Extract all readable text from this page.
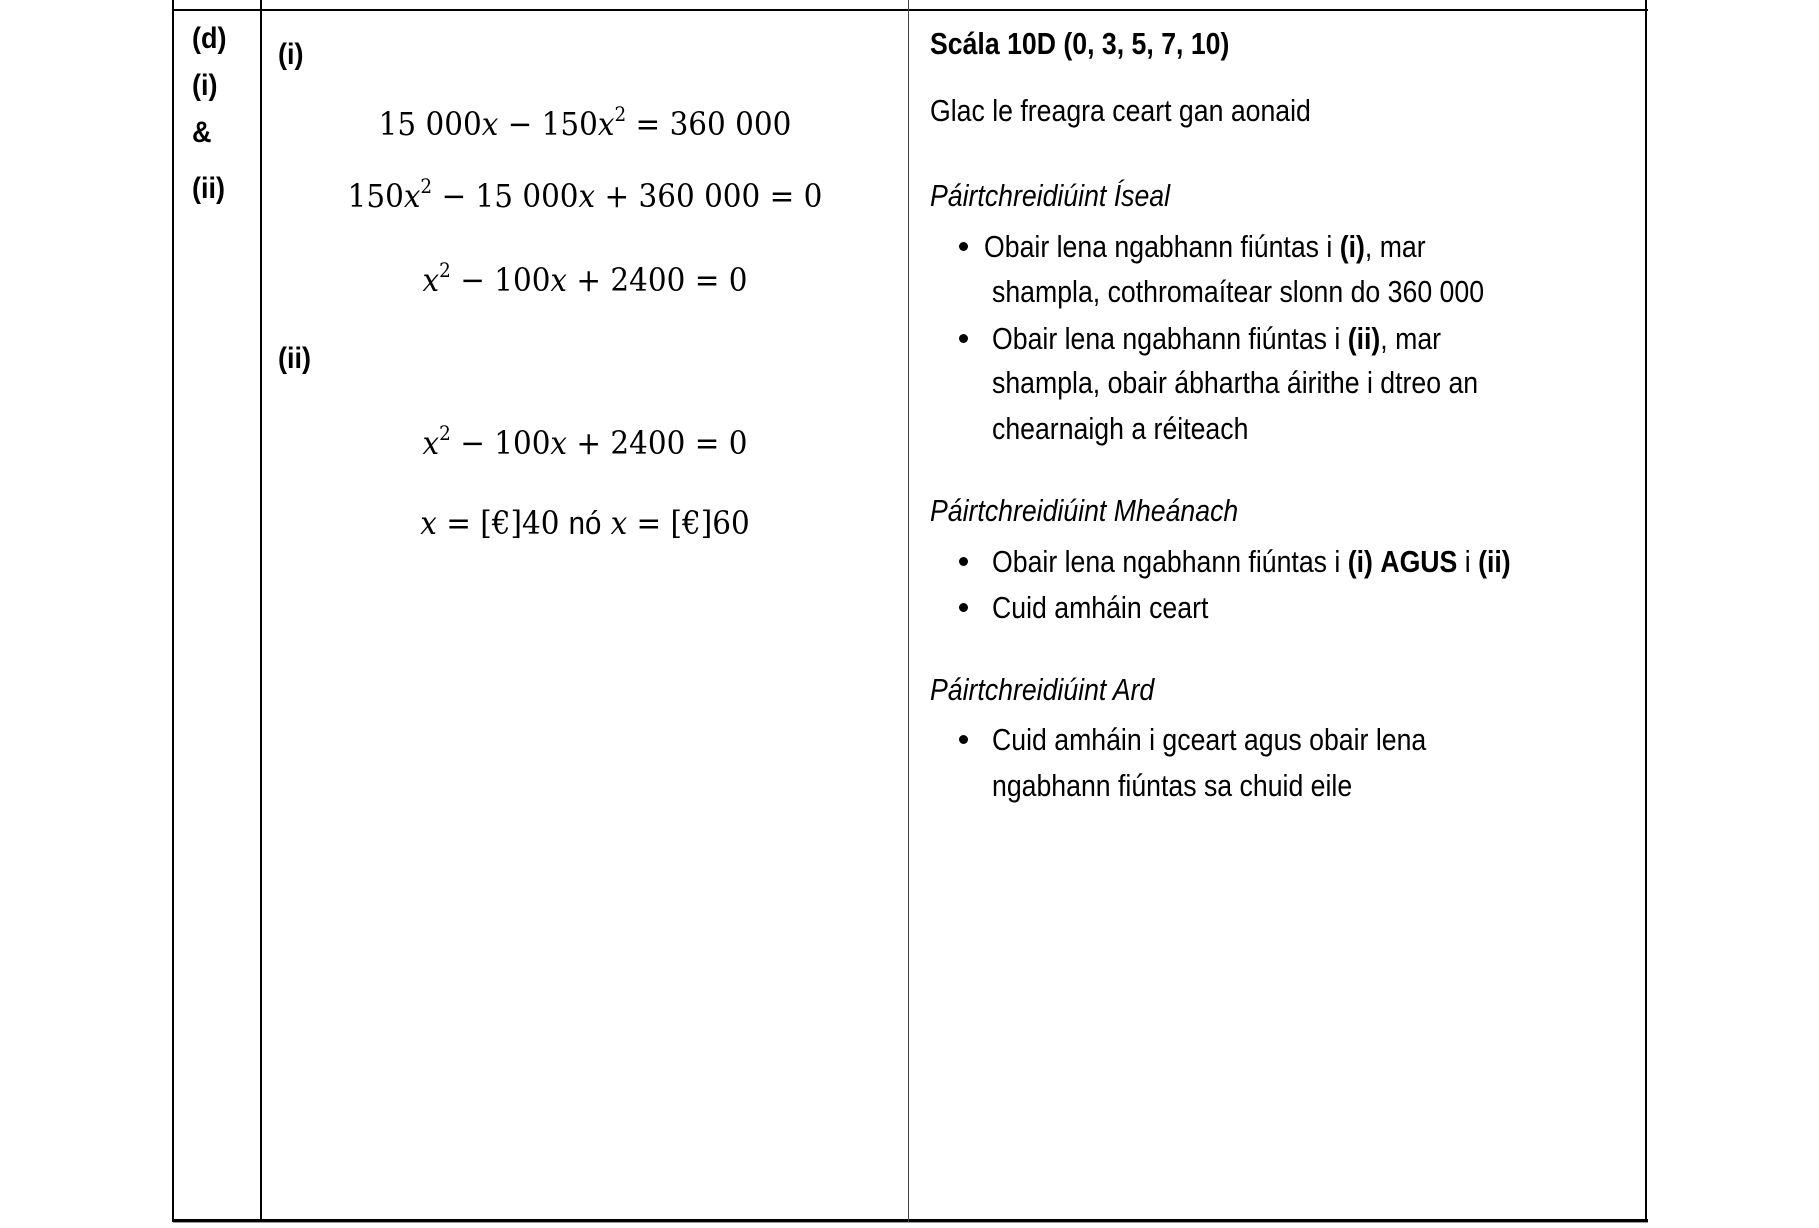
(d)
(i)
&
(ii)
(i)
15 $000x - 150x^2 = 360$ 000
$150x^2 - 15$ 000x + 360 000 = 0
$x^2 - 100x + 2400 = 0$
(ii)
$x^2 - 100x + 2400 = 0$
x = [€]40 nó x = [€]60
Scála 10D (0, 3, 5, 7, 10)
Glac le freagra ceart gan aonaid
Páirtchreidiúint Íseal
Obair lena ngabhann fiúntas i (i), mar
shampla, cothromaítear slonn do 360 000
Obair lena ngabhann fiúntas i (ii), mar
shampla, obair ábhartha áirithe i dtreo an
chearnaigh a réiteach
Páirtchreidiúint Mheánach
Obair lena ngabhann fiúntas i (i) AGUS i (ii)
Cuid amháin ceart
Páirtchreidiúint Ard
Cuid amháin i gceart agus obair lena
ngabhann fiúntas sa chuid eile
